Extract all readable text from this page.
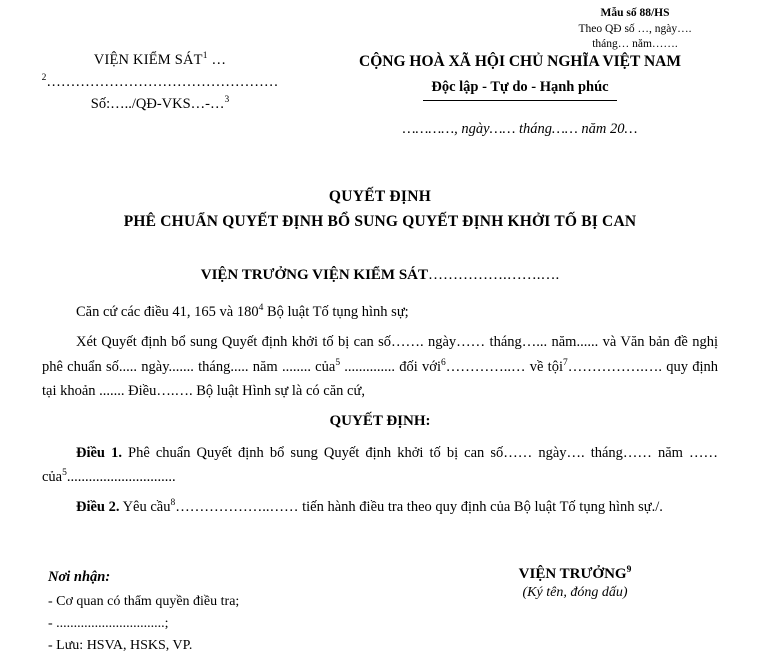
Mẫu số 88/HS
Theo QĐ số …, ngày….
tháng… năm…….
VIỆN KIỂM SÁT$^1$ …
$^2$…………………………………………
Số:…../QĐ-VKS…-…$^3$
CỘNG HOÀ XÃ HỘI CHỦ NGHĨA VIỆT NAM
Độc lập - Tự do - Hạnh phúc
…………, ngày…… tháng…… năm 20…
QUYẾT ĐỊNH
PHÊ CHUẨN QUYẾT ĐỊNH BỔ SUNG QUYẾT ĐỊNH KHỞI TỐ BỊ CAN
VIỆN TRƯỞNG VIỆN KIỂM SÁT…………….…….….

Căn cứ các điều 41, 165 và $180^4$ Bộ luật Tố tụng hình sự;

Xét Quyết định bổ sung Quyết định khởi tố bị can số……. ngày…… tháng…... năm...... và Văn bản đề nghị phê chuẩn số..... ngày....... tháng..... năm ........ của$^5$ .............. đối với$^6$…………..… về tội$^7$…………….…. quy định tại khoản ....... Điều….…. Bộ luật Hình sự là có căn cứ,

QUYẾT ĐỊNH:

Điều 1. Phê chuẩn Quyết định bổ sung Quyết định khởi tố bị can số…… ngày…. tháng…… năm …… của$^5$..............................

Điều 2. Yêu cầu$^8$………………..…… tiến hành điều tra theo quy định của Bộ luật Tố tụng hình sự./.

Nơi nhận:
- Cơ quan có thẩm quyền điều tra;
- ...............................;
- Lưu: HSVA, HSKS, VP.
VIỆN TRƯỞNG$^9$
(Ký tên, đóng dấu)
